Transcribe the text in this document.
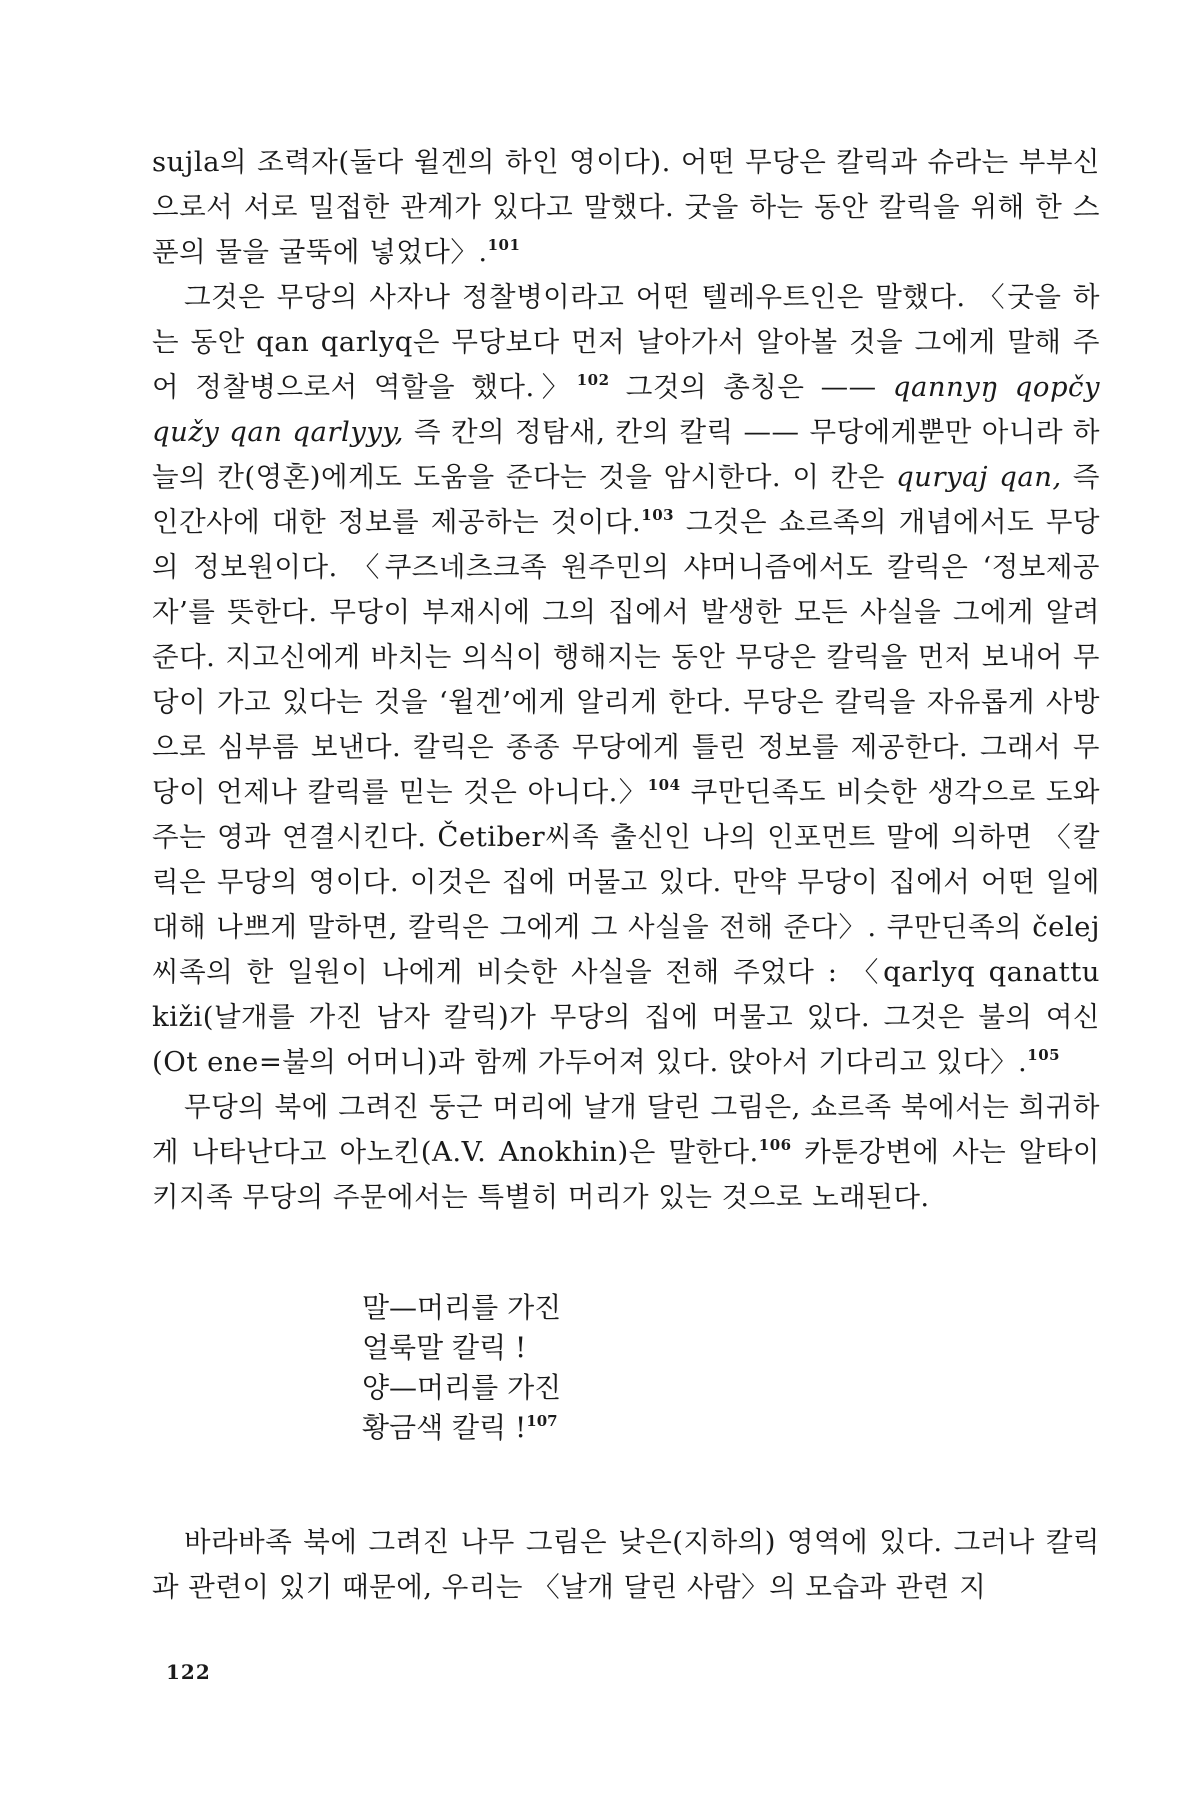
sujla의 조력자(둘다 윌겐의 하인 영이다). 어떤 무당은 칼릭과 슈라는 부부신으로서 서로 밀접한 관계가 있다고 말했다. 굿을 하는 동안 칼릭을 위해 한 스푼의 물을 굴뚝에 넣었다〉.$^{101}$

그것은 무당의 사자나 정찰병이라고 어떤 텔레우트인은 말했다. 〈굿을 하는 동안 qan qarlyq은 무당보다 먼저 날아가서 알아볼 것을 그에게 말해 주어 정찰병으로서 역할을 했다.〉$^{102}$ 그것의 총칭은 —— qannyŋ qopčy qužy qan qarlyyy, 즉 칸의 정탐새, 칸의 칼릭 —— 무당에게뿐만 아니라 하늘의 칸(영혼)에게도 도움을 준다는 것을 암시한다. 이 칸은 quryaj qan, 즉 인간사에 대한 정보를 제공하는 것이다.$^{103}$ 그것은 쇼르족의 개념에서도 무당의 정보원이다. 〈쿠즈네츠크족 원주민의 샤머니즘에서도 칼릭은 ‘정보제공자’를 뜻한다. 무당이 부재시에 그의 집에서 발생한 모든 사실을 그에게 알려 준다. 지고신에게 바치는 의식이 행해지는 동안 무당은 칼릭을 먼저 보내어 무당이 가고 있다는 것을 ‘윌겐’에게 알리게 한다. 무당은 칼릭을 자유롭게 사방으로 심부름 보낸다. 칼릭은 종종 무당에게 틀린 정보를 제공한다. 그래서 무당이 언제나 칼릭를 믿는 것은 아니다.〉$^{104}$ 쿠만딘족도 비슷한 생각으로 도와주는 영과 연결시킨다. Četiber씨족 출신인 나의 인포먼트 말에 의하면 〈칼릭은 무당의 영이다. 이것은 집에 머물고 있다. 만약 무당이 집에서 어떤 일에 대해 나쁘게 말하면, 칼릭은 그에게 그 사실을 전해 준다〉. 쿠만딘족의 čelej 씨족의 한 일원이 나에게 비슷한 사실을 전해 주었다 : 〈qarlyq qanattu kiži(날개를 가진 남자 칼릭)가 무당의 집에 머물고 있다. 그것은 불의 여신(Ot ene=불의 어머니)과 함께 가두어져 있다. 앉아서 기다리고 있다〉.$^{105}$

무당의 북에 그려진 둥근 머리에 날개 달린 그림은, 쇼르족 북에서는 희귀하게 나타난다고 아노킨(A.V. Anokhin)은 말한다.$^{106}$ 카툰강변에 사는 알타이 키지족 무당의 주문에서는 특별히 머리가 있는 것으로 노래된다.

말—머리를 가진
얼룩말 칼릭 !
양—머리를 가진
황금색 칼릭 !$^{107}$

바라바족 북에 그려진 나무 그림은 낮은(지하의) 영역에 있다. 그러나 칼릭과 관련이 있기 때문에, 우리는 〈날개 달린 사람〉의 모습과 관련 지

122
